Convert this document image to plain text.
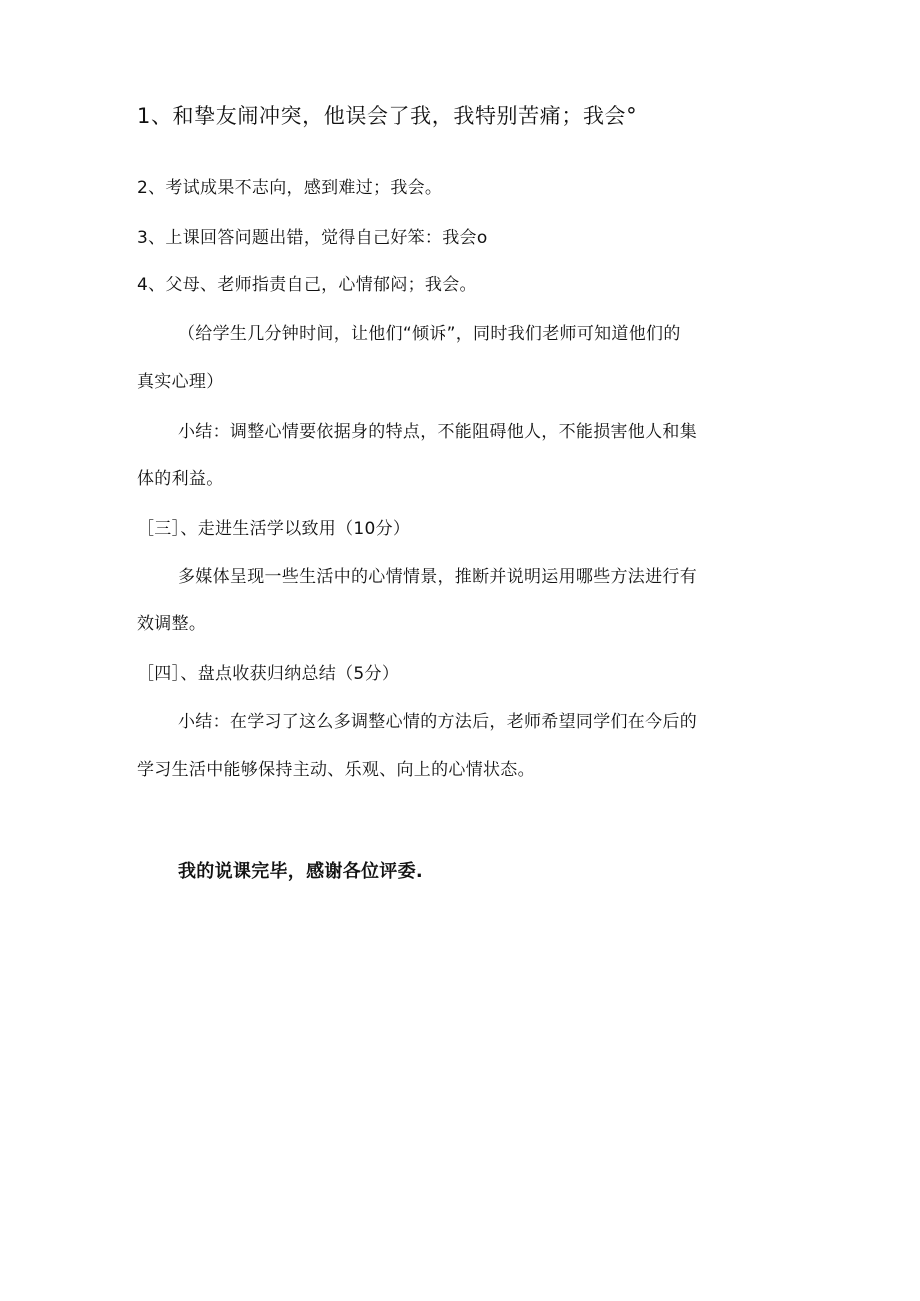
1、和挚友闹冲突，他误会了我，我特别苦痛；我会°
2、考试成果不志向，感到难过；我会。
3、上课回答问题出错，觉得自己好笨：我会o
4、父母、老师指责自己，心情郁闷；我会。
（给学生几分钟时间，让他们“倾诉”，同时我们老师可知道他们的
真实心理）
小结：调整心情要依据身的特点，不能阻碍他人，不能损害他人和集
体的利益。
［三］、走进生活学以致用（10分）
多媒体呈现一些生活中的心情情景，推断并说明运用哪些方法进行有
效调整。
［四］、盘点收获归纳总结（5分）
小结：在学习了这么多调整心情的方法后，老师希望同学们在今后的
学习生活中能够保持主动、乐观、向上的心情状态。
我的说课完毕，感谢各位评委.
